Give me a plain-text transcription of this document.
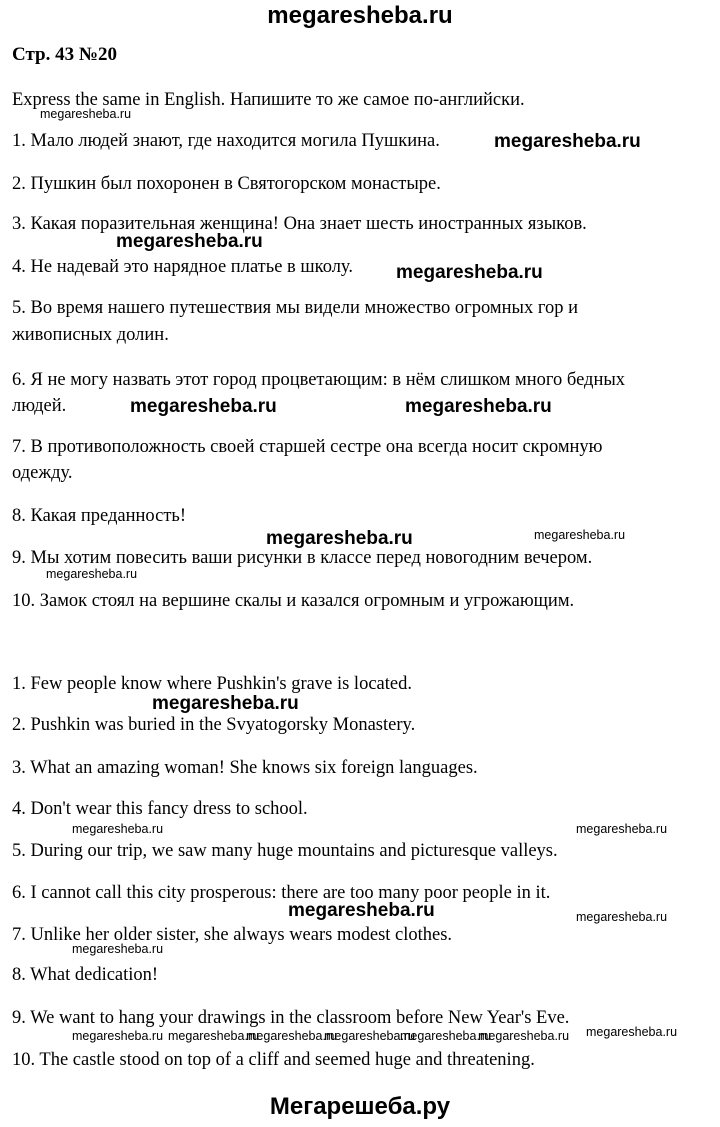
megaresheba.ru
Стр. 43 №20
Express the same in English. Напишите то же самое по-английски.
1. Мало людей знают, где находится могила Пушкина.
2. Пушкин был похоронен в Святогорском монастыре.
3. Какая поразительная женщина! Она знает шесть иностранных языков.
4. Не надевай это нарядное платье в школу.
5. Во время нашего путешествия мы видели множество огромных гор и
живописных долин.
6. Я не могу назвать этот город процветающим: в нём слишком много бедных
людей.
7. В противоположность своей старшей сестре она всегда носит скромную
одежду.
8. Какая преданность!
9. Мы хотим повесить ваши рисунки в классе перед новогодним вечером.
10. Замок стоял на вершине скалы и казался огромным и угрожающим.
1. Few people know where Pushkin's grave is located.
2. Pushkin was buried in the Svyatogorsky Monastery.
3. What an amazing woman! She knows six foreign languages.
4. Don't wear this fancy dress to school.
5. During our trip, we saw many huge mountains and picturesque valleys.
6. I cannot call this city prosperous: there are too many poor people in it.
7. Unlike her older sister, she always wears modest clothes.
8. What dedication!
9. We want to hang your drawings in the classroom before New Year's Eve.
10. The castle stood on top of a cliff and seemed huge and threatening.
megaresheba.ru
megaresheba.ru
megaresheba.ru
megaresheba.ru
megaresheba.ru	megaresheba.ru
megaresheba.ru	megaresheba.ru
megaresheba.ru
megaresheba.ru
megaresheba.ru	megaresheba.ru
megaresheba.ru	megaresheba.ru
megaresheba.ru
megaresheba.ru
megaresheba.ru megaresheba.ru
megaresheba.ru
megaresheba.ru
megaresheba.ru
megaresheba.ru
Мегарешеба.ру
